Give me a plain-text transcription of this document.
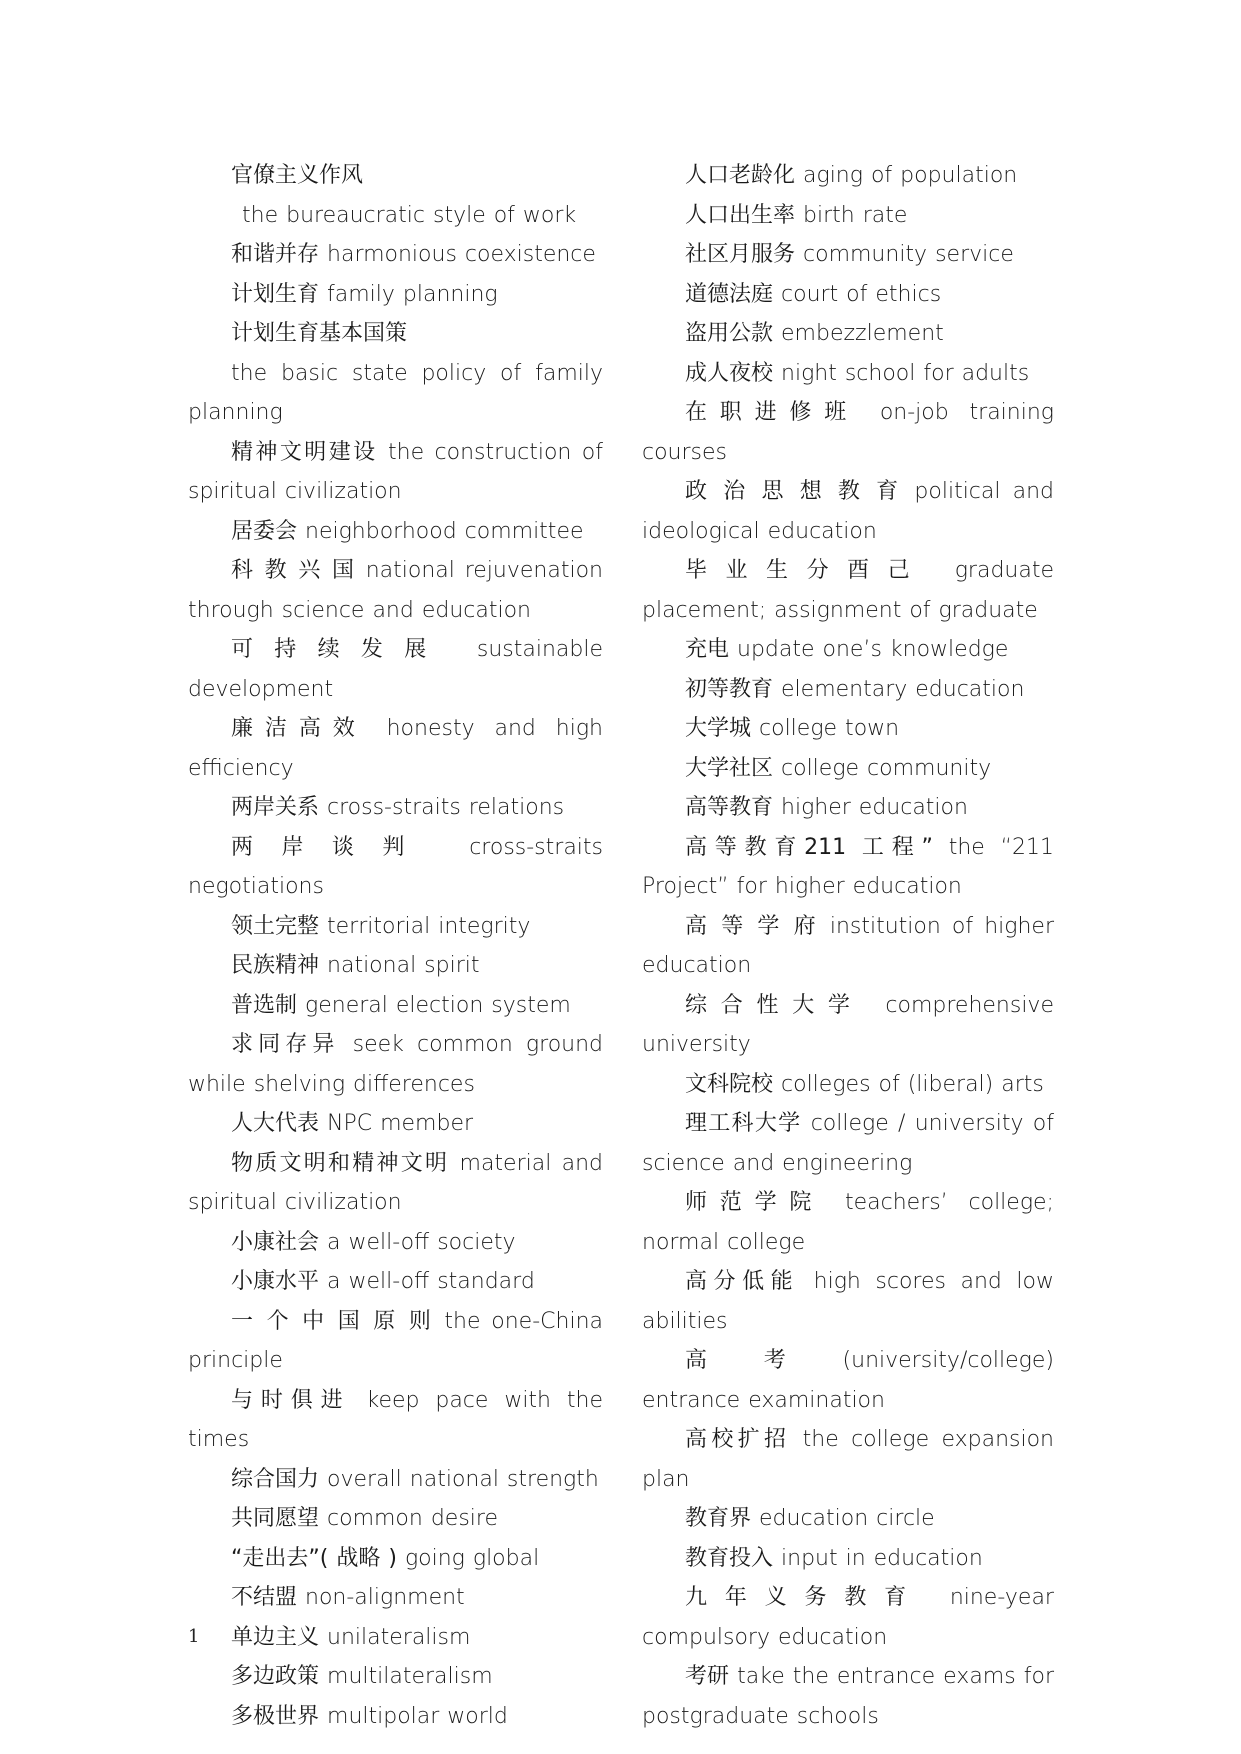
官僚主义作风

the bureaucratic style of work

和谐并存 harmonious coexistence

计划生育 family planning

计划生育基本国策

the basic state policy of family planning

精神文明建设 the construction of spiritual civilization

居委会 neighborhood committee

科 教 兴 国 national rejuvenation through science and education

可持续发展 sustainable development

廉洁高效 honesty and high efficiency

两岸关系 cross-straits relations

两岸谈判 cross-straits negotiations

领土完整 territorial integrity

民族精神 national spirit

普选制 general election system

求同存异 seek common ground while shelving differences

人大代表 NPC member

物质文明和精神文明 material and spiritual civilization

小康社会 a well-off society

小康水平 a well-off standard

一 个 中 国 原 则 the one-China principle

与时俱进 keep pace with the times

综合国力 overall national strength

共同愿望 common desire

“走出去”( 战略 ) going global

不结盟 non-alignment

单边主义 unilateralism

多边政策 multilateralism

多极世界 multipolar world

人口老龄化 aging of population

人口出生率 birth rate

社区月服务 community service

道德法庭 court of ethics

盗用公款 embezzlement

成人夜校 night school for adults

在职进修班 on-job training courses

政 治 思 想 教 育 political and ideological education

毕业生分酉己 graduate placement; assignment of graduate

充电 update one’s knowledge

初等教育 elementary education

大学城 college town

大学社区 college community

高等教育 higher education

高等教育211 工程” the “211 Project” for higher education

高 等 学 府 institution of higher education

综合性大学 comprehensive university

文科院校 colleges of (liberal) arts

理工科大学 college / university of science and engineering

师范学院 teachers’ college; normal college

高分低能 high scores and low abilities

高 考 (university/college) entrance examination

高校扩招 the college expansion plan

教育界 education circle

教育投入 input in education

九年义务教育 nine-year compulsory education

考研 take the entrance exams for postgraduate schools

1
